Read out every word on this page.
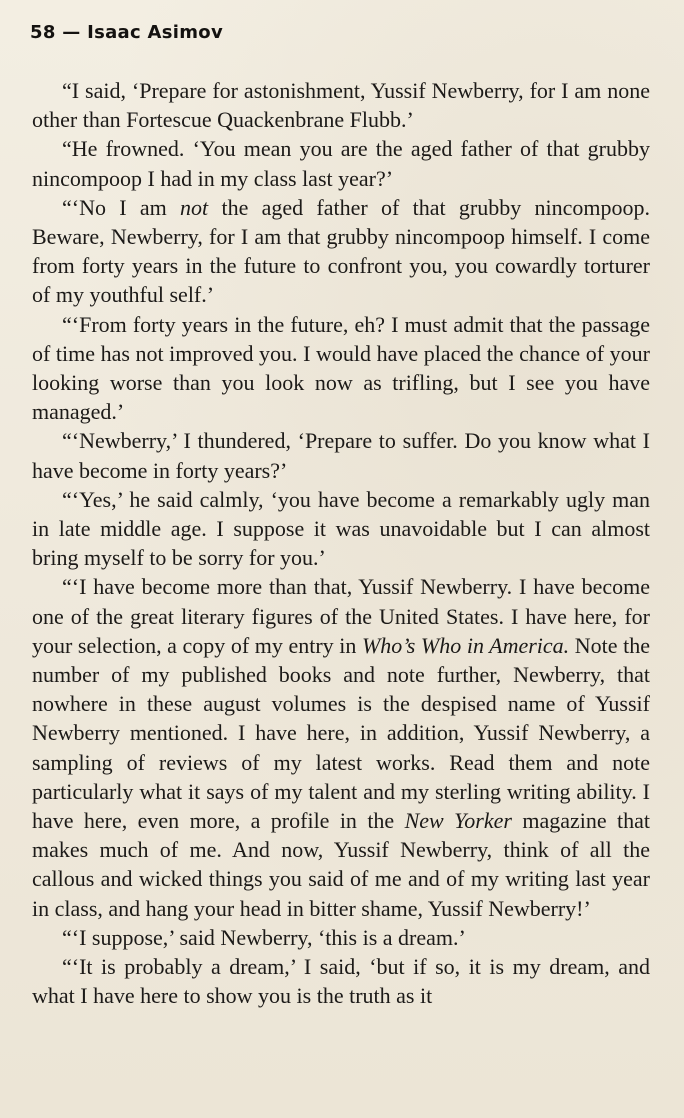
58 — Isaac Asimov

“I said, ‘Prepare for astonishment, Yussif Newberry, for I am none other than Fortescue Quackenbrane Flubb.’

“He frowned. ‘You mean you are the aged father of that grubby nincompoop I had in my class last year?’

“‘No I am not the aged father of that grubby nincompoop. Beware, Newberry, for I am that grubby nincompoop himself. I come from forty years in the future to confront you, you cowardly torturer of my youthful self.’

“‘From forty years in the future, eh? I must admit that the passage of time has not improved you. I would have placed the chance of your looking worse than you look now as trifling, but I see you have managed.’

“‘Newberry,’ I thundered, ‘Prepare to suffer. Do you know what I have become in forty years?’

“‘Yes,’ he said calmly, ‘you have become a remarkably ugly man in late middle age. I suppose it was unavoidable but I can almost bring myself to be sorry for you.’

“‘I have become more than that, Yussif Newberry. I have become one of the great literary figures of the United States. I have here, for your selection, a copy of my entry in Who’s Who in America. Note the number of my published books and note further, Newberry, that nowhere in these august volumes is the despised name of Yussif Newberry mentioned. I have here, in addition, Yussif Newberry, a sampling of reviews of my latest works. Read them and note particularly what it says of my talent and my sterling writing ability. I have here, even more, a profile in the New Yorker magazine that makes much of me. And now, Yussif Newberry, think of all the callous and wicked things you said of me and of my writing last year in class, and hang your head in bitter shame, Yussif Newberry!’

“‘I suppose,’ said Newberry, ‘this is a dream.’

“‘It is probably a dream,’ I said, ‘but if so, it is my dream, and what I have here to show you is the truth as it
